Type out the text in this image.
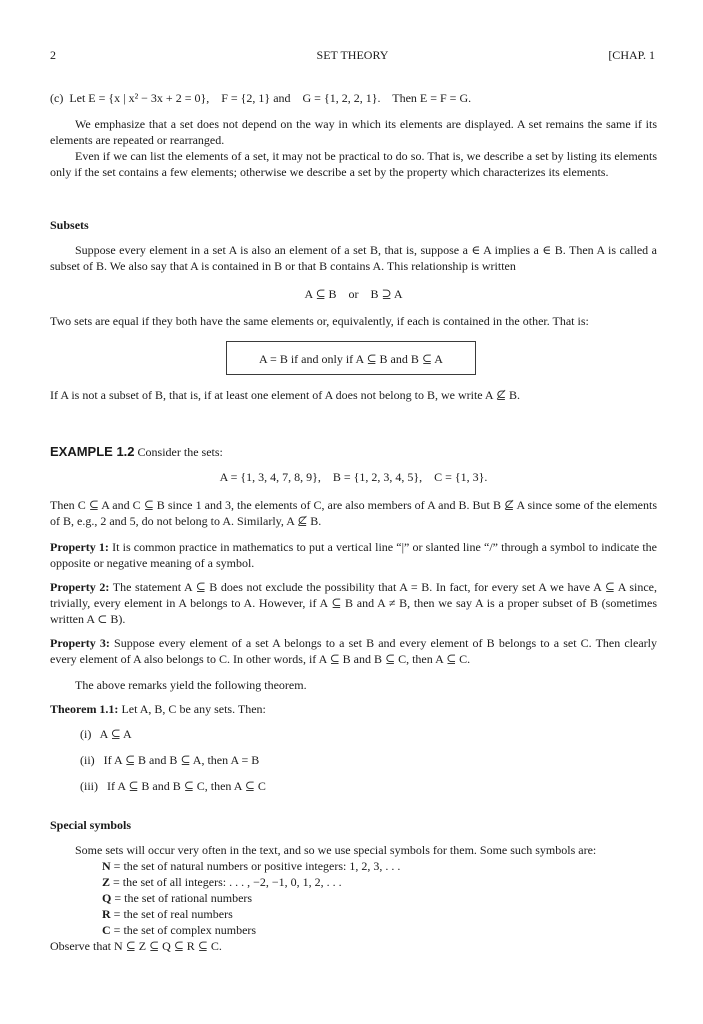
2	SET THEORY	[CHAP. 1

(c)  Let E = {x | x² − 3x + 2 = 0},    F = {2, 1} and    G = {1, 2, 2, 1}.    Then E = F = G.

We emphasize that a set does not depend on the way in which its elements are displayed. A set remains the same if its elements are repeated or rearranged.

Even if we can list the elements of a set, it may not be practical to do so. That is, we describe a set by listing its elements only if the set contains a few elements; otherwise we describe a set by the property which characterizes its elements.

Subsets

Suppose every element in a set A is also an element of a set B, that is, suppose a ∈ A implies a ∈ B. Then A is called a subset of B. We also say that A is contained in B or that B contains A. This relationship is written

A ⊆ B    or    B ⊇ A

Two sets are equal if they both have the same elements or, equivalently, if each is contained in the other. That is:

A = B if and only if A ⊆ B and B ⊆ A

If A is not a subset of B, that is, if at least one element of A does not belong to B, we write A ⊈ B.

EXAMPLE 1.2 Consider the sets:

A = {1, 3, 4, 7, 8, 9},    B = {1, 2, 3, 4, 5},    C = {1, 3}.

Then C ⊆ A and C ⊆ B since 1 and 3, the elements of C, are also members of A and B. But B ⊈ A since some of the elements of B, e.g., 2 and 5, do not belong to A. Similarly, A ⊈ B.

Property 1: It is common practice in mathematics to put a vertical line “|” or slanted line “/” through a symbol to indicate the opposite or negative meaning of a symbol.

Property 2: The statement A ⊆ B does not exclude the possibility that A = B. In fact, for every set A we have A ⊆ A since, trivially, every element in A belongs to A. However, if A ⊆ B and A ≠ B, then we say A is a proper subset of B (sometimes written A ⊂ B).

Property 3: Suppose every element of a set A belongs to a set B and every element of B belongs to a set C. Then clearly every element of A also belongs to C. In other words, if A ⊆ B and B ⊆ C, then A ⊆ C.

The above remarks yield the following theorem.

Theorem 1.1: Let A, B, C be any sets. Then:

(i)   A ⊆ A

(ii)   If A ⊆ B and B ⊆ A, then A = B

(iii)   If A ⊆ B and B ⊆ C, then A ⊆ C

Special symbols

Some sets will occur very often in the text, and so we use special symbols for them. Some such symbols are:

N = the set of natural numbers or positive integers: 1, 2, 3, . . .

Z = the set of all integers: . . . , −2, −1, 0, 1, 2, . . .

Q = the set of rational numbers

R = the set of real numbers

C = the set of complex numbers

Observe that N ⊆ Z ⊆ Q ⊆ R ⊆ C.
